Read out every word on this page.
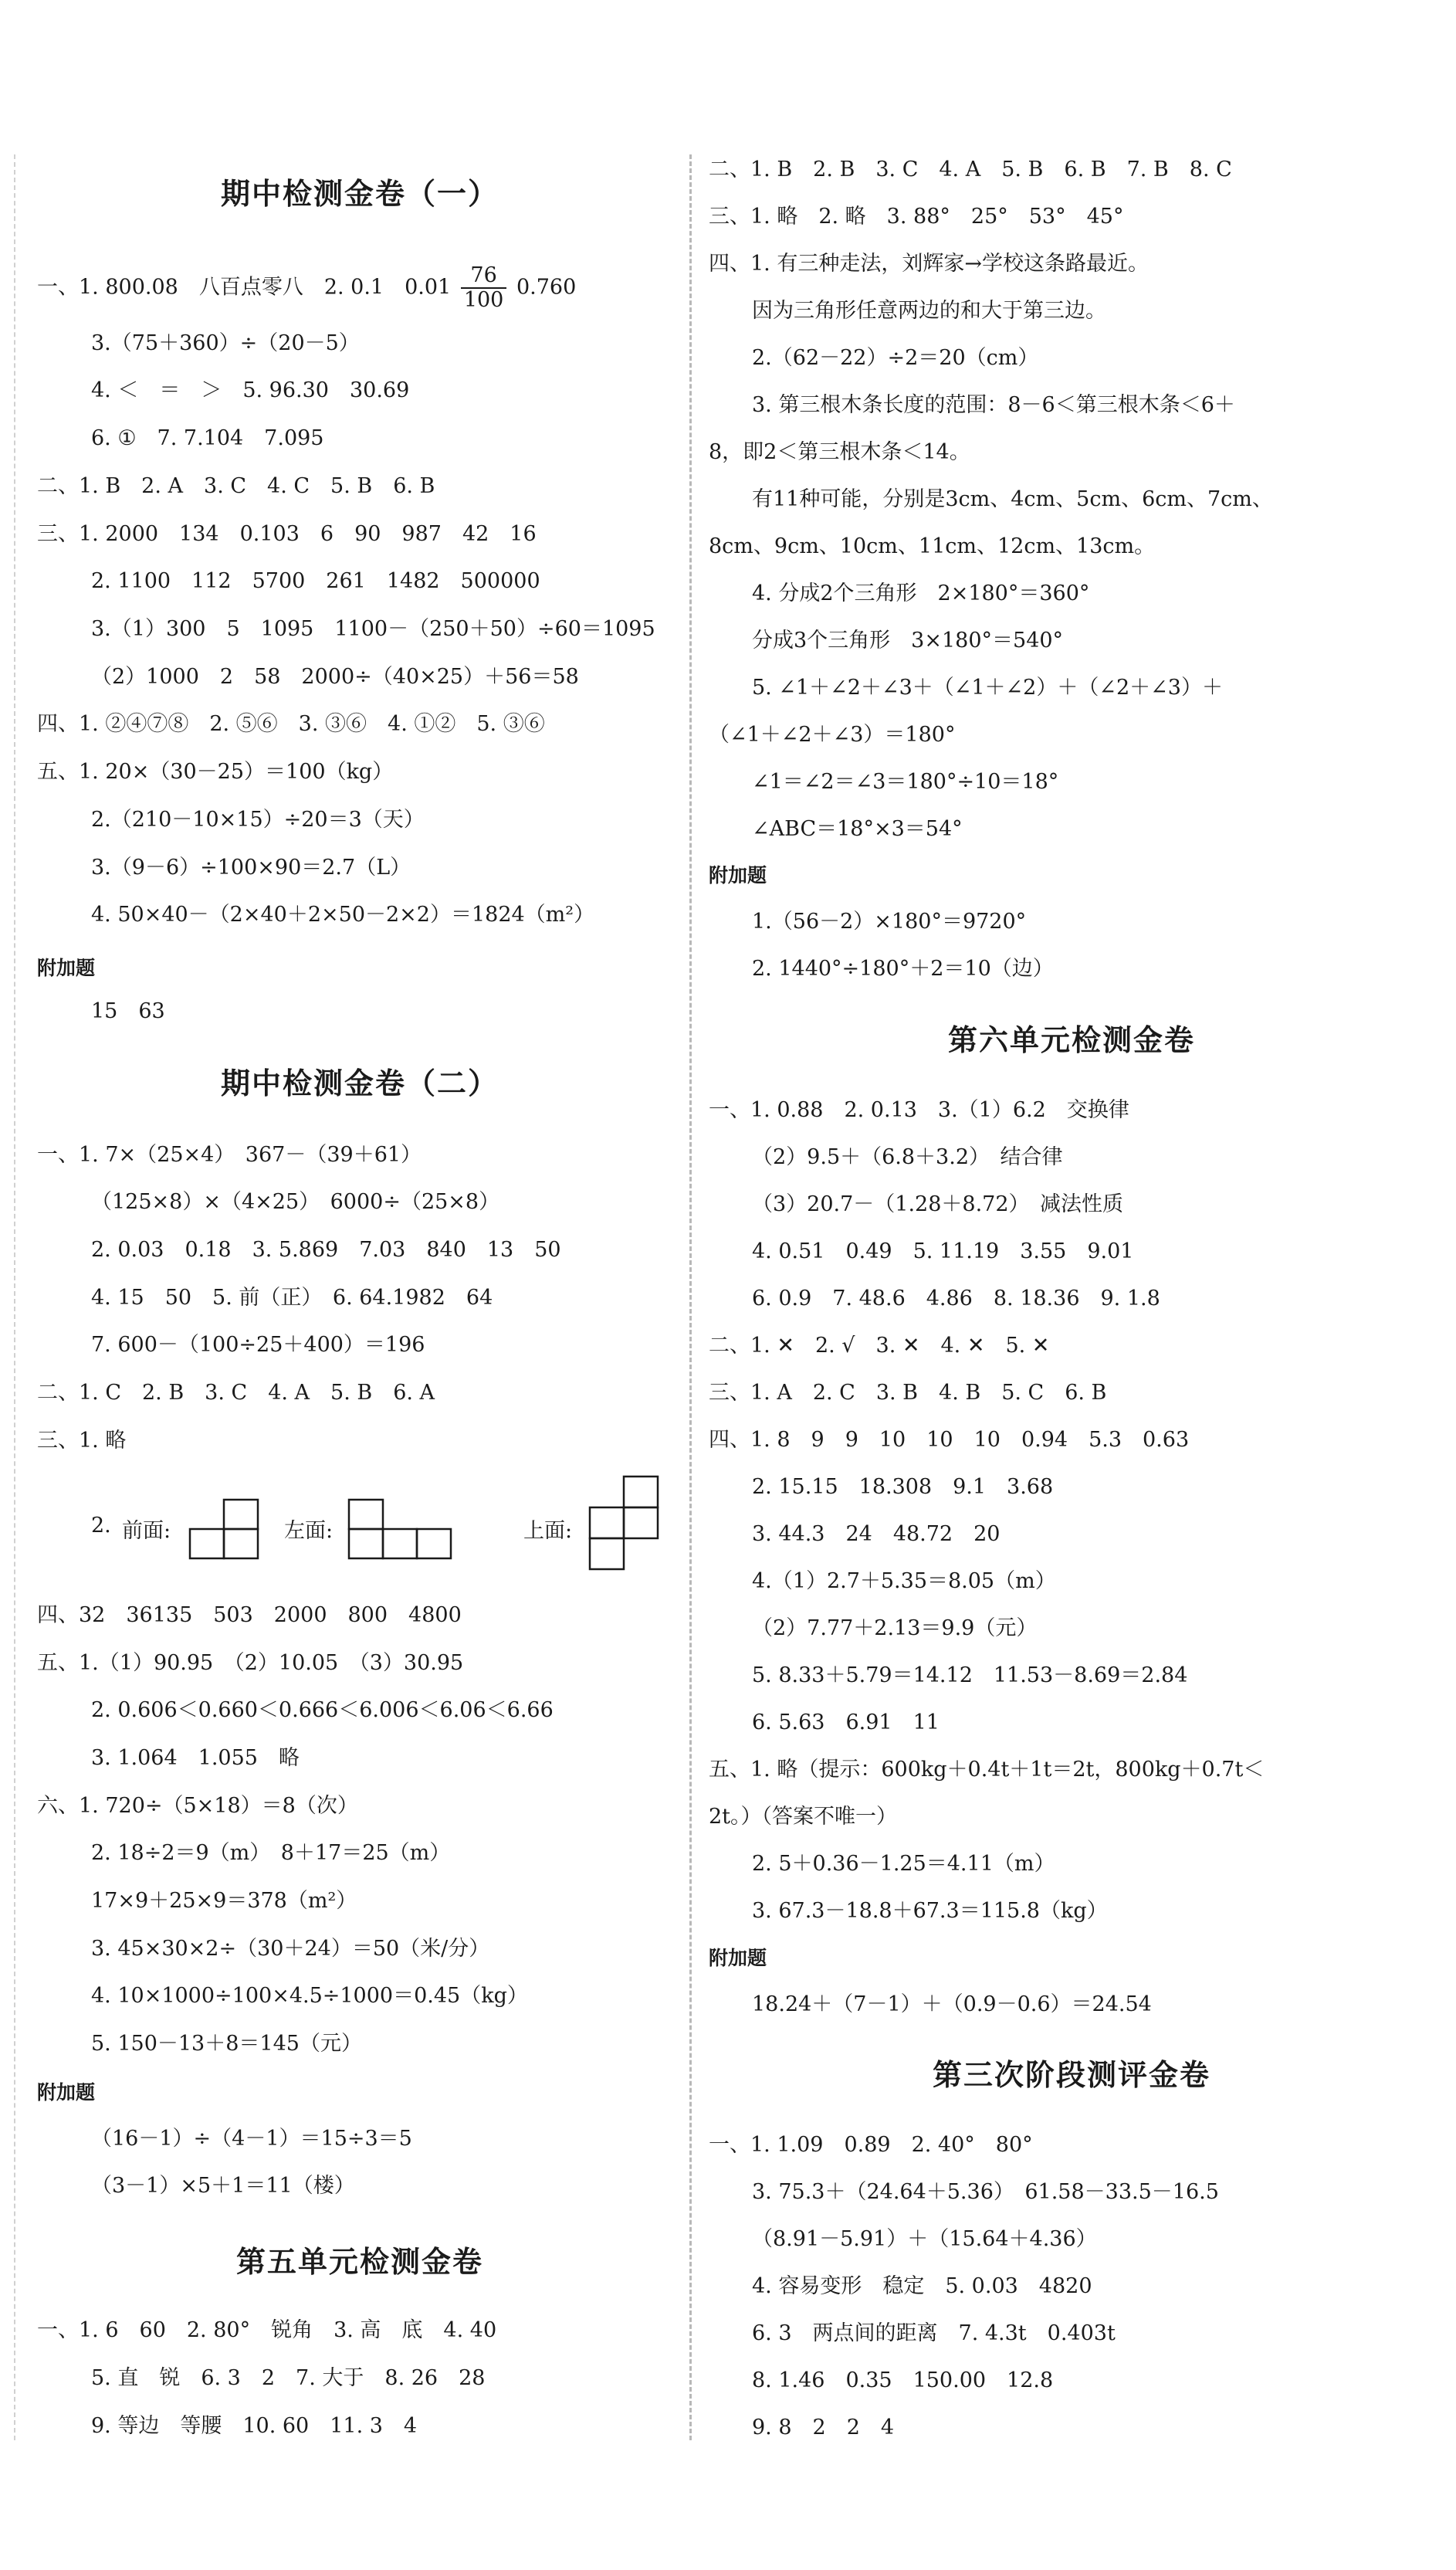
期中检测金卷（一）
一、1. 800.08　八百点零八　2. 0.1　$0.01 \frac{76}{100} 0.760$
3.（75＋360）÷（20－5）
4. ＜　＝　＞　5. 96.30　30.69
6. ①　7. 7.104　7.095
二、1. B　2. A　3. C　4. C　5. B　6. B
三、1. 2000　134　0.103　6　90　987　42　16
2. 1100　112　5700　261　1482　500000
3.（1）300　5　1095　1100－（250＋50）÷60＝1095
（2）1000　2　58　2000÷（40×25）＋56＝58
四、1. ②④⑦⑧　2. ⑤⑥　3. ③⑥　4. ①②　5. ③⑥
五、1. 20×（30－25）＝100（kg）
2.（210－10×15）÷20＝3（天）
3.（9－6）÷100×90＝2.7（L）
4. 50×40－（2×40＋2×50－2×2）＝1824（m²）
附加题
15　63
期中检测金卷（二）
一、1. 7×（25×4）　367－（39＋61）
（125×8）×（4×25）　6000÷（25×8）
2. 0.03　0.18　3. 5.869　7.03　840　13　50
4. 15　50　5. 前（正）　6. 64.1982　64
7. 600－（100÷25＋400）＝196
二、1. C　2. B　3. C　4. A　5. B　6. A
三、1. 略
2. 前面:	左面:	上面:
四、32　36135　503　2000　800　4800
五、1.（1）90.95　（2）10.05　（3）30.95
2. 0.606＜0.660＜0.666＜6.006＜6.06＜6.66
3. 1.064　1.055　略
六、1. 720÷（5×18）＝8（次）
2. 18÷2＝9（m）　8＋17＝25（m）
17×9＋25×9＝378（m²）
3. 45×30×2÷（30＋24）＝50（米/分）
4. 10×1000÷100×4.5÷1000＝0.45（kg）
5. 150－13＋8＝145（元）
附加题
（16－1）÷（4－1）＝15÷3＝5
（3－1）×5＋1＝11（楼）
第五单元检测金卷
一、1. 6　60　2. 80°　锐角　3. 高　底　4. 40
5. 直　锐　6. 3　2　7. 大于　8. 26　28
9. 等边　等腰　10. 60　11. 3　4
二、1. B　2. B　3. C　4. A　5. B　6. B　7. B　8. C
三、1. 略　2. 略　3. 88°　25°　53°　45°
四、1. 有三种走法，刘辉家→学校这条路最近。
因为三角形任意两边的和大于第三边。
2.（62－22）÷2＝20（cm）
3. 第三根木条长度的范围：8－6＜第三根木条＜6＋
8，即2＜第三根木条＜14。
有11种可能，分别是3cm、4cm、5cm、6cm、7cm、
8cm、9cm、10cm、11cm、12cm、13cm。
4. 分成2个三角形　2×180°＝360°
分成3个三角形　3×180°＝540°
5. ∠1＋∠2＋∠3＋（∠1＋∠2）＋（∠2＋∠3）＋
（∠1＋∠2＋∠3）＝180°
∠1＝∠2＝∠3＝180°÷10＝18°
∠ABC＝18°×3＝54°
附加题
1.（56－2）×180°＝9720°
2. 1440°÷180°＋2＝10（边）
第六单元检测金卷
一、1. 0.88　2. 0.13　3.（1）6.2　交换律
（2）9.5＋（6.8＋3.2）　结合律
（3）20.7－（1.28＋8.72）　减法性质
4. 0.51　0.49　5. 11.19　3.55　9.01
6. 0.9　7. 48.6　4.86　8. 18.36　9. 1.8
二、1. ✕　2. √　3. ✕　4. ✕　5. ✕
三、1. A　2. C　3. B　4. B　5. C　6. B
四、1. 8　9　9　10　10　10　0.94　5.3　0.63
2. 15.15　18.308　9.1　3.68
3. 44.3　24　48.72　20
4.（1）2.7＋5.35＝8.05（m）
（2）7.77＋2.13＝9.9（元）
5. 8.33＋5.79＝14.12　11.53－8.69＝2.84
6. 5.63　6.91　11
五、1. 略（提示：600kg＋0.4t＋1t＝2t，800kg＋0.7t＜
2t。）（答案不唯一）
2. 5＋0.36－1.25＝4.11（m）
3. 67.3－18.8＋67.3＝115.8（kg）
附加题
18.24＋（7－1）＋（0.9－0.6）＝24.54
第三次阶段测评金卷
一、1. 1.09　0.89　2. 40°　80°
3. 75.3＋（24.64＋5.36）　61.58－33.5－16.5
（8.91－5.91）＋（15.64＋4.36）
4. 容易变形　稳定　5. 0.03　4820
6. 3　两点间的距离　7. 4.3t　0.403t
8. 1.46　0.35　150.00　12.8
9. 8　2　2　4
